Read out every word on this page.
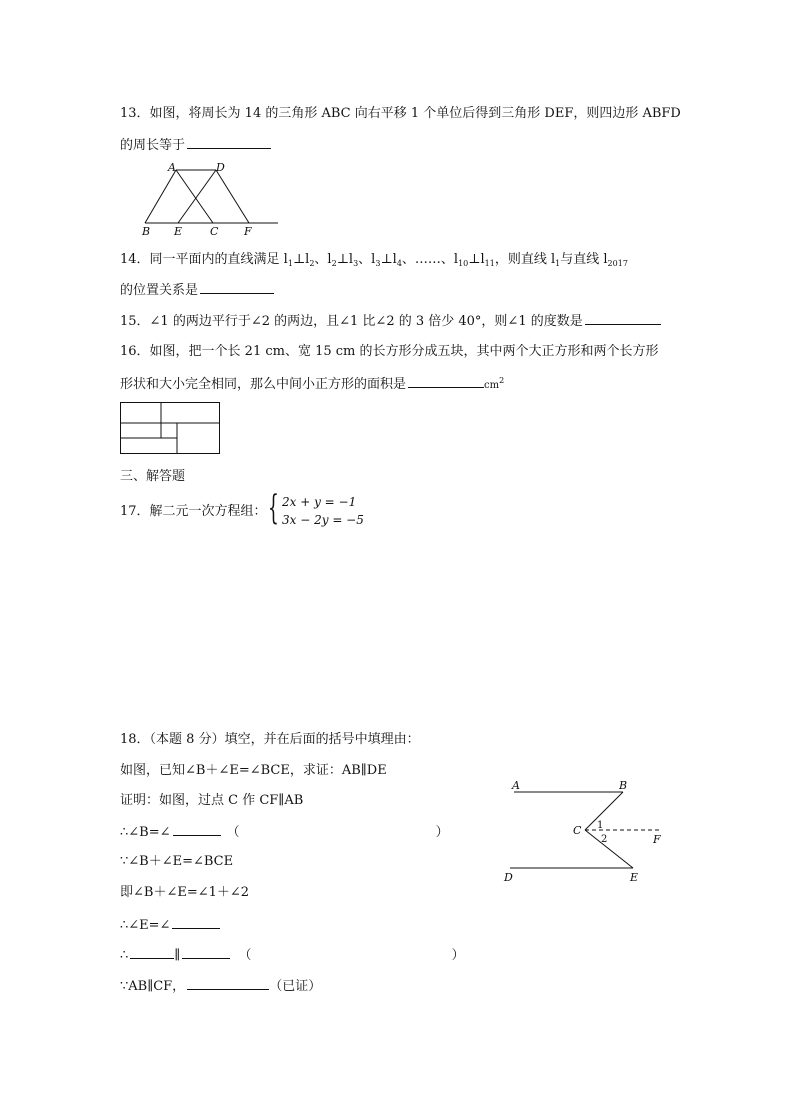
13．如图，将周长为 14 的三角形 ABC 向右平移 1 个单位后得到三角形 DEF，则四边形 ABFD
的周长等于
A	D
B E	C F
14．同一平面内的直线满足 $l_1\perp l_2$、$l_2\perp l_3$、$l_3\perp l_4$、……、$l_{10}\perp l_{11}$，则直线 $l_1$与直线 $l_{2017}$
的位置关系是
15．∠1 的两边平行于∠2 的两边，且∠1 比∠2 的 3 倍少 40°，则∠1 的度数是
16．如图，把一个长 21 cm、宽 15 cm 的长方形分成五块，其中两个大正方形和两个长方形
形状和大小完全相同，那么中间小正方形的面积是	$cm^2$
三、解答题
17．解二元一次方程组： { 2x + y = −1
3x − 2y = −5
18．（本题 8 分）填空，并在后面的括号中填理由：
如图，已知∠B＋∠E=∠BCE，求证：AB∥DE
证明：如图，过点 C 作 CF∥AB
∴∠B=∠	（	）
∵∠B＋∠E=∠BCE
即∠B＋∠E=∠1＋∠2
∴∠E=∠
∴	∥	（	）
∵AB∥CF，	（已证）
A	B
C 1
2	F
D	E
